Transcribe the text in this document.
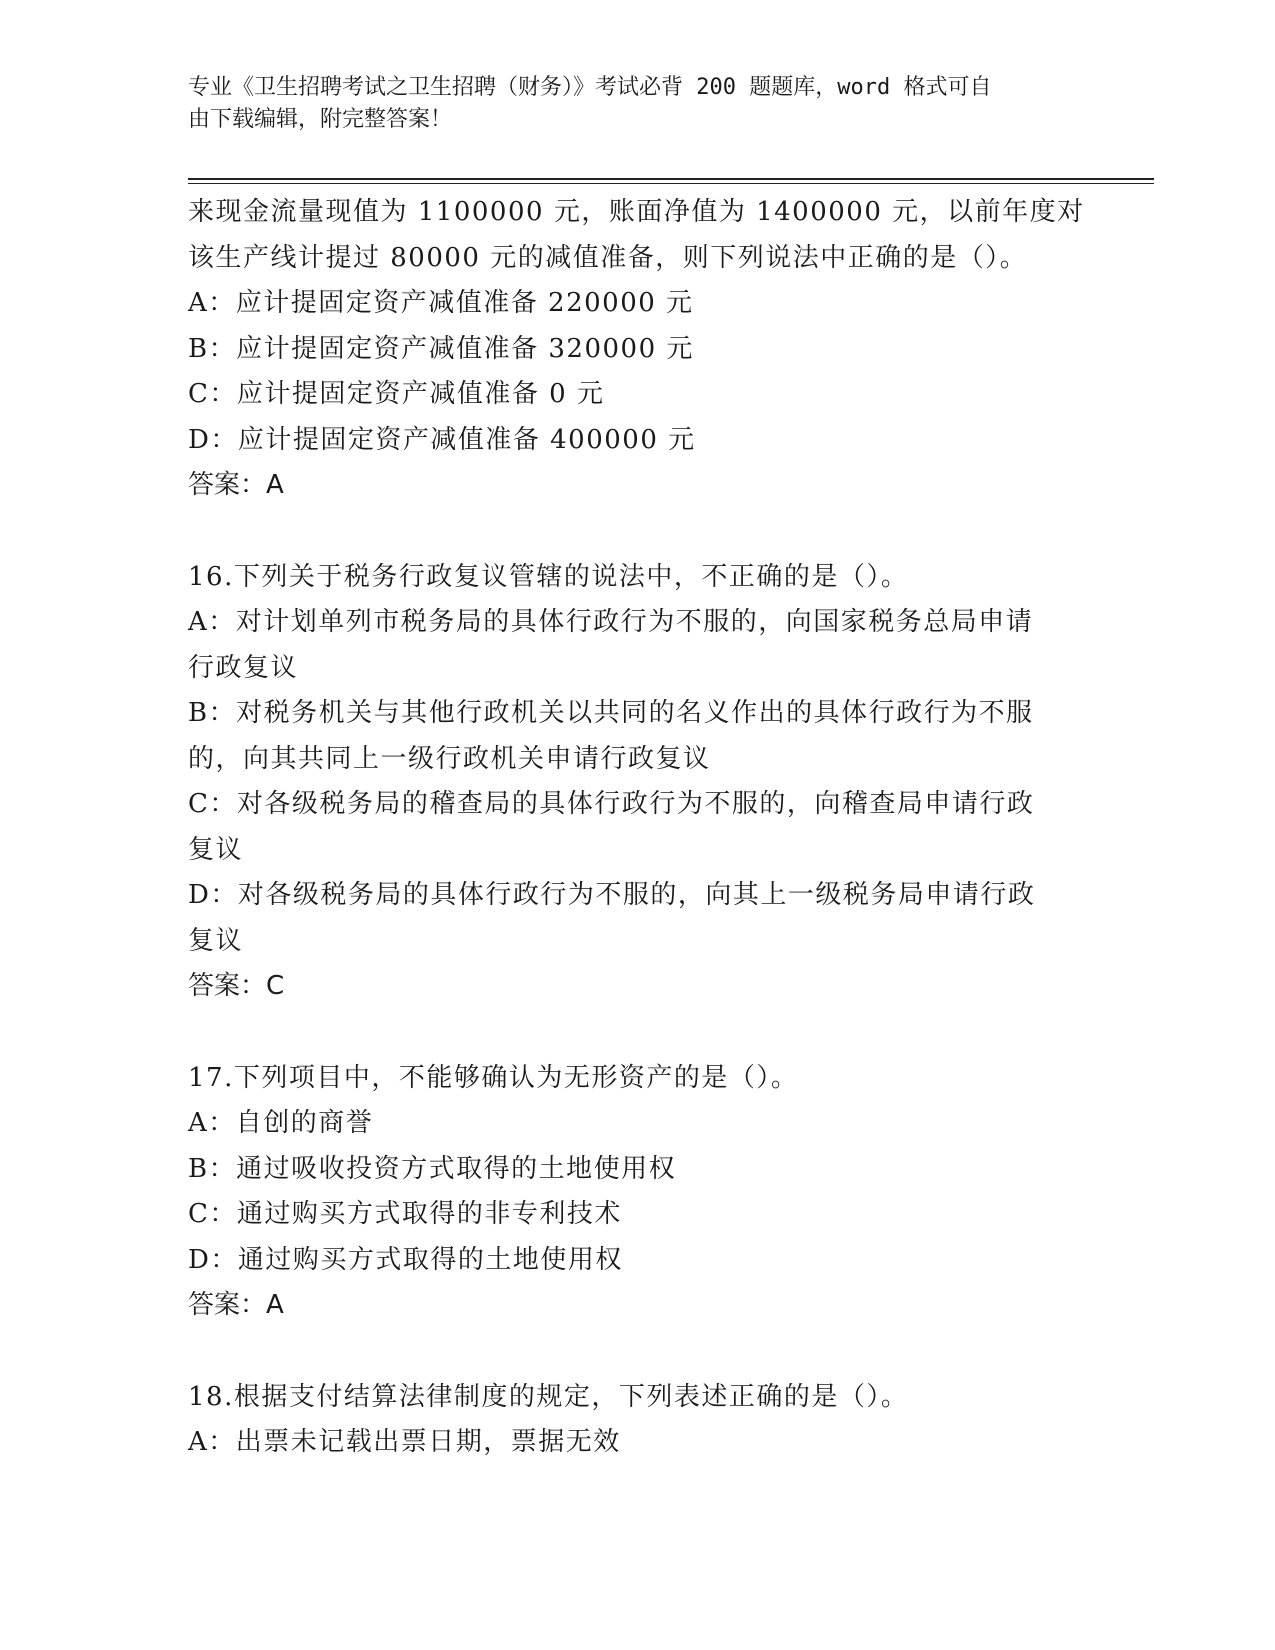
专业《卫生招聘考试之卫生招聘（财务）》考试必背 200 题题库，word 格式可自
由下载编辑，附完整答案！
来现金流量现值为 1100000 元，账面净值为 1400000 元，以前年度对
该生产线计提过 80000 元的减值准备，则下列说法中正确的是（）。
A：应计提固定资产减值准备 220000 元
B：应计提固定资产减值准备 320000 元
C：应计提固定资产减值准备 0 元
D：应计提固定资产减值准备 400000 元
答案：A
16.下列关于税务行政复议管辖的说法中，不正确的是（）。
A：对计划单列市税务局的具体行政行为不服的，向国家税务总局申请
行政复议
B：对税务机关与其他行政机关以共同的名义作出的具体行政行为不服
的，向其共同上一级行政机关申请行政复议
C：对各级税务局的稽查局的具体行政行为不服的，向稽查局申请行政
复议
D：对各级税务局的具体行政行为不服的，向其上一级税务局申请行政
复议
答案：C
17.下列项目中，不能够确认为无形资产的是（）。
A：自创的商誉
B：通过吸收投资方式取得的土地使用权
C：通过购买方式取得的非专利技术
D：通过购买方式取得的土地使用权
答案：A
18.根据支付结算法律制度的规定，下列表述正确的是（）。
A：出票未记载出票日期，票据无效
